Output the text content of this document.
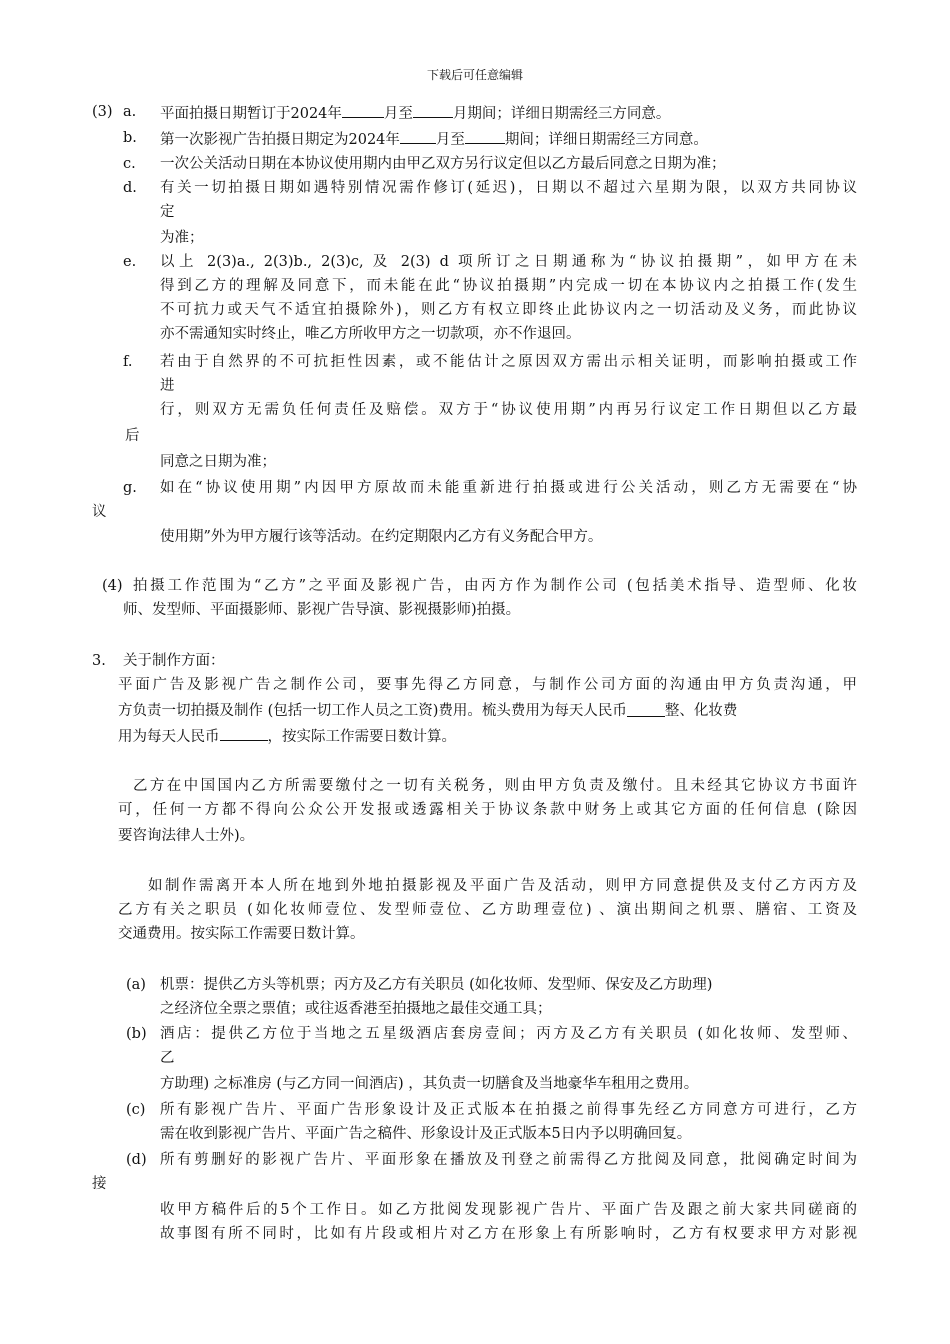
下载后可任意编辑
(3) a. 平面拍摄日期暂订于2024年	月至	月期间；详细日期需经三方同意。
b. 第一次影视广告拍摄日期定为2024年 月至	期间；详细日期需经三方同意。
c. 一次公关活动日期在本协议使用期内由甲乙双方另行议定但以乙方最后同意之日期为准；
d. 有关一切拍摄日期如遇特别情况需作修订(延迟)，日期以不超过六星期为限，以双方共同协议
定
为准；
e. 以上 2(3)a., 2(3)b., 2(3)c, 及 2(3) d 项所订之日期通称为“协议拍摄期”，如甲方在未
得到乙方的理解及同意下，而未能在此“协议拍摄期”内完成一切在本协议内之拍摄工作(发生
不可抗力或天气不适宜拍摄除外)，则乙方有权立即终止此协议内之一切活动及义务，而此协议
亦不需通知实时终止，唯乙方所收甲方之一切款项，亦不作退回。
f. 若由于自然界的不可抗拒性因素，或不能估计之原因双方需出示相关证明，而影响拍摄或工作
进
行，则双方无需负任何责任及赔偿。双方于“协议使用期”内再另行议定工作日期但以乙方最
后
同意之日期为准；
g. 如在“协议使用期”内因甲方原故而未能重新进行拍摄或进行公关活动，则乙方无需要在“协
议
使用期”外为甲方履行该等活动。在约定期限内乙方有义务配合甲方。
(4) 拍摄工作范围为“乙方”之平面及影视广告，由丙方作为制作公司 (包括美术指导、造型师、化妆
师、发型师、平面摄影师、影视广告导演、影视摄影师)拍摄。
3. 关于制作方面：
平面广告及影视广告之制作公司，要事先得乙方同意，与制作公司方面的沟通由甲方负责沟通，甲
方负责一切拍摄及制作 (包括一切工作人员之工资)费用。梳头费用为每天人民币	整、化妆费
用为每天人民币	，按实际工作需要日数计算。
乙方在中国国内乙方所需要缴付之一切有关税务，则由甲方负责及缴付。且未经其它协议方书面许
可，任何一方都不得向公众公开发报或透露相关于协议条款中财务上或其它方面的任何信息 (除因
要咨询法律人士外)。
如制作需离开本人所在地到外地拍摄影视及平面广告及活动，则甲方同意提供及支付乙方丙方及
乙方有关之职员 (如化妆师壹位、发型师壹位、乙方助理壹位) 、演出期间之机票、膳宿、工资及
交通费用。按实际工作需要日数计算。
(a) 机票：提供乙方头等机票；丙方及乙方有关职员 (如化妆师、发型师、保安及乙方助理)
之经济位全票之票值；或往返香港至拍摄地之最佳交通工具；
(b) 酒店：提供乙方位于当地之五星级酒店套房壹间；丙方及乙方有关职员 (如化妆师、发型师、
乙
方助理) 之标准房 (与乙方同一间酒店) ，其负责一切膳食及当地豪华车租用之费用。
(c) 所有影视广告片、平面广告形象设计及正式版本在拍摄之前得事先经乙方同意方可进行，乙方
需在收到影视广告片、平面广告之稿件、形象设计及正式版本5日内予以明确回复。
(d) 所有剪删好的影视广告片、平面形象在播放及刊登之前需得乙方批阅及同意，批阅确定时间为
接
收甲方稿件后的5个工作日。如乙方批阅发现影视广告片、平面广告及跟之前大家共同磋商的
故事图有所不同时，比如有片段或相片对乙方在形象上有所影响时，乙方有权要求甲方对影视
